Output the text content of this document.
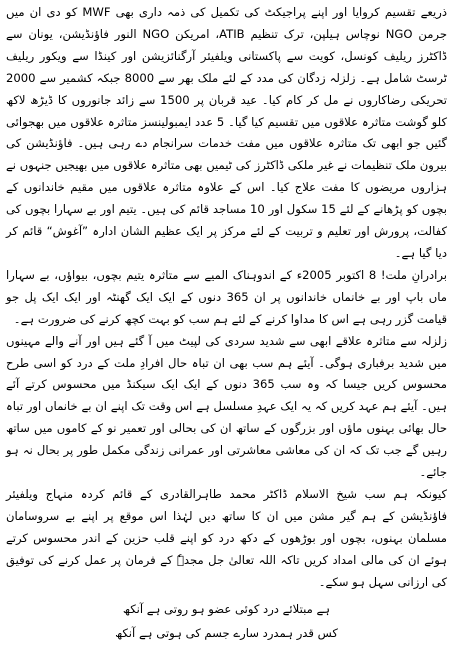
ذریعے تقسیم کروایا اور اپنے پراجیکٹ کی تکمیل کی ذمہ داری بھی MWF کو دی ان میں جرمن NGO نوچاس ہیلپن، ترک تنظیم ATIB، امریکن NGO النور فاؤنڈیشن، یونان سے ڈاکٹرز ریلیف کونسل، کویت سے پاکستانی ویلفیئر آرگنائزیشن اور کینڈا سے ویکور ریلیف ٹرسٹ شامل ہے۔ زلزلہ زدگان کی مدد کے لئے ملک بھر سے 8000 جبکہ کشمیر سے 2000 تحریکی رضاکاروں نے مل کر کام کیا۔ عید قربان پر 1500 سے زائد جانوروں کا ڈیڑھ لاکھ کلو گوشت متاثرہ علاقوں میں تقسیم کیا گیا۔ 5 عدد ایمبولینسز متاثرہ علاقوں میں بھجوائی گئیں جو ابھی تک متاثرہ علاقوں میں مفت خدمات سرانجام دے رہی ہیں۔ فاؤنڈیشن کی بیرون ملک تنظیمات نے غیر ملکی ڈاکٹرز کی ٹیمیں بھی متاثرہ علاقوں میں بھیجیں جنہوں نے ہزاروں مریضوں کا مفت علاج کیا۔ اس کے علاوہ متاثرہ علاقوں میں مقیم خاندانوں کے بچوں کو پڑھانے کے لئے 15 سکول اور 10 مساجد قائم کی ہیں۔ یتیم اور بے سہارا بچوں کی کفالت، پرورش اور تعلیم و تربیت کے لئے مرکز پر ایک عظیم الشان ادارہ ”آغوش“ قائم کر دیا گیا ہے۔

برادرانِ ملت! 8 اکتوبر 2005ء کے اندوہناک المیے سے متاثرہ یتیم بچوں، بیواؤں، بے سہارا ماں باپ اور بے خانماں خاندانوں پر ان 365 دنوں کے ایک ایک گھنٹہ اور ایک ایک پل جو قیامت گزر رہی ہے اس کا مداوا کرنے کے لئے ہم سب کو بہت کچھ کرنے کی ضرورت ہے۔

زلزلہ سے متاثرہ علاقے ابھی سے شدید سردی کی لپیٹ میں آ گئے ہیں اور آنے والے مہینوں میں شدید برفباری ہوگی۔ آیئے ہم سب بھی ان تباہ حال افرادِ ملت کے درد کو اسی طرح محسوس کریں جیسا کہ وہ سب 365 دنوں کے ایک ایک سیکنڈ میں محسوس کرتے آئے ہیں۔ آیئے ہم عہد کریں کہ یہ ایک عہدِ مسلسل ہے اس وقت تک اپنے ان بے خانماں اور تباہ حال بھائی بہنوں ماؤں اور بزرگوں کے ساتھ ان کی بحالی اور تعمیر نو کے کاموں میں ساتھ رہیں گے جب تک کہ ان کی معاشی معاشرتی اور عمرانی زندگی مکمل طور پر بحال نہ ہو جائے۔

کیونکہ ہم سب شیخ الاسلام ڈاکٹر محمد طاہرالقادری کے قائم کردہ منہاج ویلفیئر فاؤنڈیشن کے ہم گیر مشن میں ان کا ساتھ دیں لہٰذا اس موقع پر اپنے بے سروسامان مسلمان بہنوں، بچوں اور بوڑھوں کے دکھ درد کو اپنے قلب حزین کے اندر محسوس کرتے ہوئے ان کی مالی امداد کریں تاکہ اللہ تعالیٰ جل مجدہٗ کے فرمان پر عمل کرنے کی توفیق کی ارزانی سہل ہو سکے۔

ہے مبتلائے درد کوئی عضو ہو روتی ہے آنکھ
کس قدر ہمدرد سارے جسم کی ہوتی ہے آنکھ
